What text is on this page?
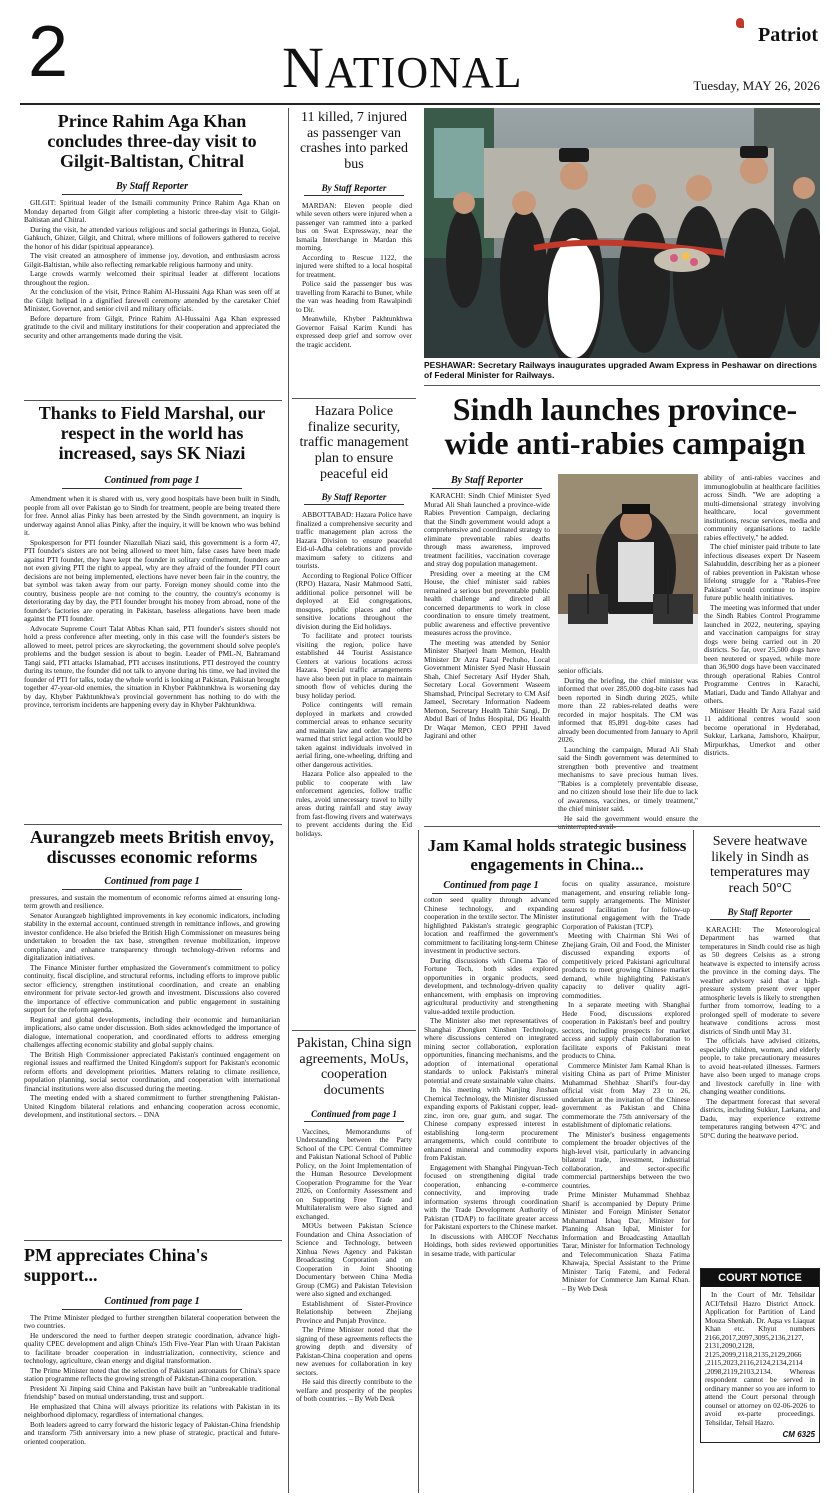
2	NATIONAL
Patriot
Tuesday, MAY 26, 2026
Prince Rahim Aga Khan concludes three-day visit to Gilgit-Baltistan, Chitral
By Staff Reporter

GILGIT: Spiritual leader of the Ismaili community Prince Rahim Aga Khan on Monday departed from Gilgit after completing a historic three-day visit to Gilgit-Baltistan and Chitral.

During the visit, he attended various religious and social gatherings in Hunza, Gojal, Gahkuch, Ghizer, Gilgit, and Chitral, where millions of followers gathered to receive the honor of his didar (spiritual appearance).

The visit created an atmosphere of immense joy, devotion, and enthusiasm across Gilgit-Baltistan, while also reflecting remarkable religious harmony and unity.

Large crowds warmly welcomed their spiritual leader at different locations throughout the region.

At the conclusion of the visit, Prince Rahim Al-Hussaini Aga Khan was seen off at the Gilgit helipad in a dignified farewell ceremony attended by the caretaker Chief Minister, Governor, and senior civil and military officials.

Before departure from Gilgit, Prince Rahim Al-Hussaini Aga Khan expressed gratitude to the civil and military institutions for their cooperation and appreciated the security and other arrangements made during the visit.

Thanks to Field Marshal, our respect in the world has increased, says SK Niazi
Continued from page 1

Amendment when it is shared with us, very good hospitals have been built in Sindh, people from all over Pakistan go to Sindh for treatment, people are being treated there for free. Annol alias Pinky has been arrested by the Sindh government, an inquiry is underway against Annol alias Pinky, after the inquiry, it will be known who was behind it.

Spokesperson for PTI founder Niazullah Niazi said, this government is a form 47, PTI founder's sisters are not being allowed to meet him, false cases have been made against PTI founder, they have kept the founder in solitary confinement, founders are not even giving PTI the right to appeal, why are they afraid of the founder PTI court decisions are not being implemented, elections have never been fair in the country, the bat symbol was taken away from our party. Foreign money should come into the country, business people are not coming to the country, the country's economy is deteriorating day by day, the PTI founder brought his money from abroad, none of the founder's factories are operating in Pakistan, baseless allegations have been made against the PTI founder.

Advocate Supreme Court Talat Abbas Khan said, PTI founder's sisters should not hold a press conference after meeting, only in this case will the founder's sisters be allowed to meet, petrol prices are skyrocketing, the government should solve people's problems and the budget session is about to begin. Leader of PML-N, Bahramand Tangi said, PTI attacks Islamabad, PTI accuses institutions, PTI destroyed the country during its tenure, the founder did not talk to anyone during his time, we had invited the founder of PTI for talks, today the whole world is looking at Pakistan, Pakistan brought together 47-year-old enemies, the situation in Khyber Pakhtunkhwa is worsening day by day, Khyber Pakhtunkhwa's provincial government has nothing to do with the province, terrorism incidents are happening every day in Khyber Pakhtunkhwa.

Aurangzeb meets British envoy, discusses economic reforms
Continued from page 1

pressures, and sustain the momentum of economic reforms aimed at ensuring long-term growth and resilience.

Senator Aurangzeb highlighted improvements in key economic indicators, including stability in the external account, continued strength in remittance inflows, and growing investor confidence. He also briefed the British High Commissioner on measures being undertaken to broaden the tax base, strengthen revenue mobilization, improve compliance, and enhance transparency through technology-driven reforms and digitalization initiatives.

The Finance Minister further emphasized the Government's commitment to policy continuity, fiscal discipline, and structural reforms, including efforts to improve public sector efficiency, strengthen institutional coordination, and create an enabling environment for private sector-led growth and investment. Discussions also covered the importance of effective communication and public engagement in sustaining support for the reform agenda.

Regional and global developments, including their economic and humanitarian implications, also came under discussion. Both sides acknowledged the importance of dialogue, international cooperation, and coordinated efforts to address emerging challenges affecting economic stability and global supply chains.

The British High Commissioner appreciated Pakistan's continued engagement on regional issues and reaffirmed the United Kingdom's support for Pakistan's economic reform efforts and development priorities. Matters relating to climate resilience, population planning, social sector coordination, and cooperation with international financial institutions were also discussed during the meeting.

The meeting ended with a shared commitment to further strengthening Pakistan-United Kingdom bilateral relations and enhancing cooperation across economic, development, and institutional sectors. – DNA

PM appreciates China's support...
Continued from page 1

The Prime Minister pledged to further strengthen bilateral cooperation between the two countries.

He underscored the need to further deepen strategic coordination, advance high-quality CPEC development and align China's 15th Five-Year Plan with Uraan Pakistan to facilitate broader cooperation in industrialization, connectivity, science and technology, agriculture, clean energy and digital transformation.

The Prime Minister noted that the selection of Pakistani astronauts for China's space station programme reflects the growing strength of Pakistan-China cooperation.

President Xi Jinping said China and Pakistan have built an "unbreakable traditional friendship" based on mutual understanding, trust and support.

He emphasized that China will always prioritize its relations with Pakistan in its neighborhood diplomacy, regardless of international changes.

Both leaders agreed to carry forward the historic legacy of Pakistan-China friendship and transform 75th anniversary into a new phase of strategic, practical and future-oriented cooperation.

11 killed, 7 injured as passenger van crashes into parked bus
By Staff Reporter

MARDAN: Eleven people died while seven others were injured when a passenger van rammed into a parked bus on Swat Expressway, near the Ismaila Interchange in Mardan this morning.

According to Rescue 1122, the injured were shifted to a local hospital for treatment.

Police said the passenger bus was travelling from Karachi to Buner, while the van was heading from Rawalpindi to Dir.

Meanwhile, Khyber Pakhtunkhwa Governor Faisal Karim Kundi has expressed deep grief and sorrow over the tragic accident.

Hazara Police finalize security, traffic management plan to ensure peaceful eid
By Staff Reporter

ABBOTTABAD: Hazara Police have finalized a comprehensive security and traffic management plan across the Hazara Division to ensure peaceful Eid-ul-Adha celebrations and provide maximum safety to citizens and tourists.

According to Regional Police Officer (RPO) Hazara, Nasir Mahmood Satti, additional police personnel will be deployed at Eid congregations, mosques, public places and other sensitive locations throughout the division during the Eid holidays.

To facilitate and protect tourists visiting the region, police have established 44 Tourist Assistance Centers at various locations across Hazara. Special traffic arrangements have also been put in place to maintain smooth flow of vehicles during the busy holiday period.

Police contingents will remain deployed in markets and crowded commercial areas to enhance security and maintain law and order. The RPO warned that strict legal action would be taken against individuals involved in aerial firing, one-wheeling, drifting and other dangerous activities.

Hazara Police also appealed to the public to cooperate with law enforcement agencies, follow traffic rules, avoid unnecessary travel to hilly areas during rainfall and stay away from fast-flowing rivers and waterways to prevent accidents during the Eid holidays.

Pakistan, China sign agreements, MoUs, cooperation documents
Continued from page 1

Vaccines, Memorandums of Understanding between the Party School of the CPC Central Committee and Pakistan National School of Public Policy, on the Joint Implementation of the Human Resource Development Cooperation Programme for the Year 2026, on Conformity Assessment and on Supporting Free Trade and Multilateralism were also signed and exchanged.

MOUs between Pakistan Science Foundation and China Association of Science and Technology, between Xinhua News Agency and Pakistan Broadcasting Corporation and on Cooperation in Joint Shooting Documentary between China Media Group (CMG) and Pakistan Television were also signed and exchanged.

Establishment of Sister-Province Relationship between Zhejiang Province and Punjab Province.

The Prime Minister noted that the signing of these agreements reflects the growing depth and diversity of Pakistan-China cooperation and opens new avenues for collaboration in key sectors.

He said this directly contribute to the welfare and prosperity of the peoples of both countries. – By Web Desk

PESHAWAR: Secretary Railways inaugurates upgraded Awam Express in Peshawar on directions of Federal Minister for Railways.
Sindh launches province-wide anti-rabies campaign
By Staff Reporter

KARACHI: Sindh Chief Minister Syed Murad Ali Shah launched a province-wide Rabies Prevention Campaign, declaring that the Sindh government would adopt a comprehensive and coordinated strategy to eliminate preventable rabies deaths through mass awareness, improved treatment facilities, vaccination coverage and stray dog population management.

Presiding over a meeting at the CM House, the chief minister said rabies remained a serious but preventable public health challenge and directed all concerned departments to work in close coordination to ensure timely treatment, public awareness and effective preventive measures across the province.

The meeting was attended by Senior Minister Sharjeel Inam Memon, Health Minister Dr Azra Fazal Pechuho, Local Government Minister Syed Nasir Hussain Shah, Chief Secretary Asif Hyder Shah, Secretary Local Government Waseem Shamshad, Principal Secretary to CM Asif Jameel, Secretary Information Nadeem Memon, Secretary Health Tahir Sangi, Dr Abdul Bari of Indus Hospital, DG Health Dr Waqar Memon, CEO PPHI Javed Jagirani and other

senior officials.

During the briefing, the chief minister was informed that over 285,000 dog-bite cases had been reported in Sindh during 2025, while more than 22 rabies-related deaths were recorded in major hospitals. The CM was informed that 85,891 dog-bite cases had already been documented from January to April 2026.

Launching the campaign, Murad Ali Shah said the Sindh government was determined to strengthen both preventive and treatment mechanisms to save precious human lives. "Rabies is a completely preventable disease, and no citizen should lose their life due to lack of awareness, vaccines, or timely treatment," the chief minister said.

He said the government would ensure the

ability of anti-rabies vaccines and immunoglobulin at healthcare facilities across Sindh. "We are adopting a multi-dimensional strategy involving healthcare, local government institutions, rescue services, media and community organisations to tackle rabies effectively," he added.

The chief minister paid tribute to late infectious diseases expert Dr Naseem Salahuddin, describing her as a pioneer of rabies prevention in Pakistan whose lifelong struggle for a "Rabies-Free Pakistan" would continue to inspire future public health initiatives.

The meeting was informed that under the Sindh Rabies Control Programme launched in 2022, neutering, spaying and vaccination campaigns for stray dogs were being carried out in 20 districts. So far, over 25,500 dogs have been neutered or spayed, while more than 36,900 dogs have been vaccinated through operational Rabies Control Programme Centres in Karachi, Matiari, Dadu and Tando Allahyar and others.

Minister Health Dr Azra Fazal said 11 additional centres would soon become operational in Hyderabad, Sukkur, Larkana, Jamshoro, Khairpur, Mirpurkhas, Umerkot and other districts.

Jam Kamal holds strategic business engagements in China...
Continued from page 1

cotton seed quality through advanced Chinese technology, and expanding cooperation in the textile sector. The Minister highlighted Pakistan's strategic geographic location and reaffirmed the government's commitment to facilitating long-term Chinese investment in productive sectors.

During discussions with Cinema Tao of Fortune Tech, both sides explored opportunities in organic products, seed development, and technology-driven quality enhancement, with emphasis on improving agricultural productivity and strengthening value-added textile production.

The Minister also met representatives of Shanghai Zhongken Xinshen Technology, where discussions centered on integrated mining sector collaboration, exploration opportunities, financing mechanisms, and the adoption of international operational standards to unlock Pakistan's mineral potential and create sustainable value chains.

In his meeting with Nanjing Jinshan Chemical Technology, the Minister discussed expanding exports of Pakistani copper, lead-zinc, iron ore, guar gum, and sugar. The Chinese company expressed interest in establishing long-term procurement arrangements, which could contribute to enhanced mineral and commodity exports from Pakistan.

Engagement with Shanghai Pingyuan-Tech focused on strengthening digital trade cooperation, enhancing e-commerce connectivity, and improving trade information systems through coordination with the Trade Development Authority of Pakistan (TDAP) to facilitate greater access for Pakistani exporters to the Chinese market.

In discussions with AHCOF Necchatus Holdings, both sides reviewed opportunities in sesame trade, with particular

focus on quality assurance, moisture management, and ensuring reliable long-term supply arrangements. The Minister assured facilitation for follow-up institutional engagement with the Trade Corporation of Pakistan (TCP).

Meeting with Chairman Shi Wei of Zhejiang Grain, Oil and Food, the Minister discussed expanding exports of competitively priced Pakistani agricultural products to meet growing Chinese market demand, while highlighting Pakistan's capacity to deliver quality agri-commodities.

In a separate meeting with Shanghai Hede Food, discussions explored cooperation in Pakistan's beef and poultry sectors, including prospects for market access and supply chain collaboration to facilitate exports of Pakistani meat products to China.

Commerce Minister Jam Kamal Khan is visiting China as part of Prime Minister Muhammad Shehbaz Sharif's four-day official visit from May 23 to 26, undertaken at the invitation of the Chinese government as Pakistan and China commemorate the 75th anniversary of the establishment of diplomatic relations.

The Minister's business engagements complement the broader objectives of the high-level visit, particularly in advancing bilateral trade, investment, industrial collaboration, and sector-specific commercial partnerships between the two countries.

Prime Minister Muhammad Shehbaz Sharif is accompanied by Deputy Prime Minister and Foreign Minister Senator Muhammad Ishaq Dar, Minister for Planning Ahsan Iqbal, Minister for Information and Broadcasting Attaullah Tarar, Minister for Information Technology and Telecommunication Shaza Fatima Khawaja, Special Assistant to the Prime Minister Tariq Fatemi, and Federal Minister for Commerce Jam Kamal Khan. – By Web Desk

Severe heatwave likely in Sindh as temperatures may reach 50°C
By Staff Reporter

KARACHI: The Meteorological Department has warned that temperatures in Sindh could rise as high as 50 degrees Celsius as a strong heatwave is expected to intensify across the province in the coming days. The weather advisory said that a high-pressure system present over upper atmospheric levels is likely to strengthen further from tomorrow, leading to a prolonged spell of moderate to severe heatwave conditions across most districts of Sindh until May 31.

The officials have advised citizens, especially children, women, and elderly people, to take precautionary measures to avoid heat-related illnesses. Farmers have also been urged to manage crops and livestock carefully in line with changing weather conditions.

The department forecast that several districts, including Sukkur, Larkana, and Dadu, may experience extreme temperatures ranging between 47°C and 50°C during the heatwave period.

COURT NOTICE

In the Court of Mr. Tehsildar ACI/Tehsil Hazro District Attock. Application for Partition of Land Mouza Shenkah. Dr. Aqsa vs Liaquat Khan etc. Khyut numbers 2166,2017,2097,3095,2136,2127, 2131,2090,2128, 2125,2099,2118,2135,2129,2066 ,2115,2023,2116,2124,2134,2114 ,2098,2119,2103,2134. Whereas respondent cannot be served in ordinary manner so you are inform to attend the Court personal through counsel or attorney on 02-06-2026 to avoid ex-parte proceedings. Tehsildar, Tehsil Hazro.

CM 6325
